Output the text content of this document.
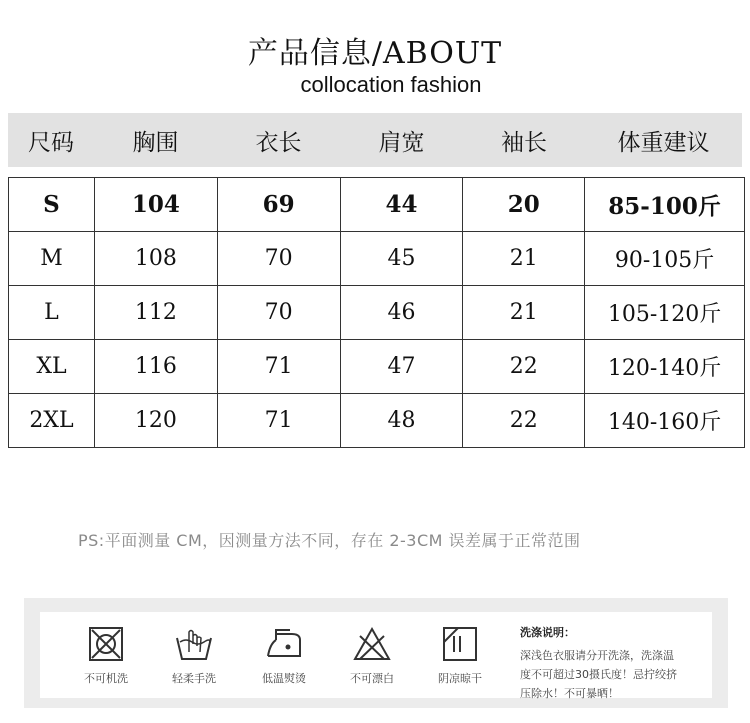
产品信息/ABOUT
collocation fashion
尺码	胸围	衣长	肩宽	袖长	体重建议
S	104	69	44	20	85-100斤
M	108	70	45	21	90-105斤
L	112	70	46	21	105-120斤
XL	116	71	47	22	120-140斤
2XL	120	71	48	22	140-160斤
PS:平面测量 CM，因测量方法不同，存在 2-3CM 误差属于正常范围
不可机洗	轻柔手洗	低温熨烫	不可漂白	阴凉晾干
洗涤说明：
深浅色衣服请分开洗涤，洗涤温
度不可超过30摄氏度！忌拧绞挤
压除水！不可暴晒！
